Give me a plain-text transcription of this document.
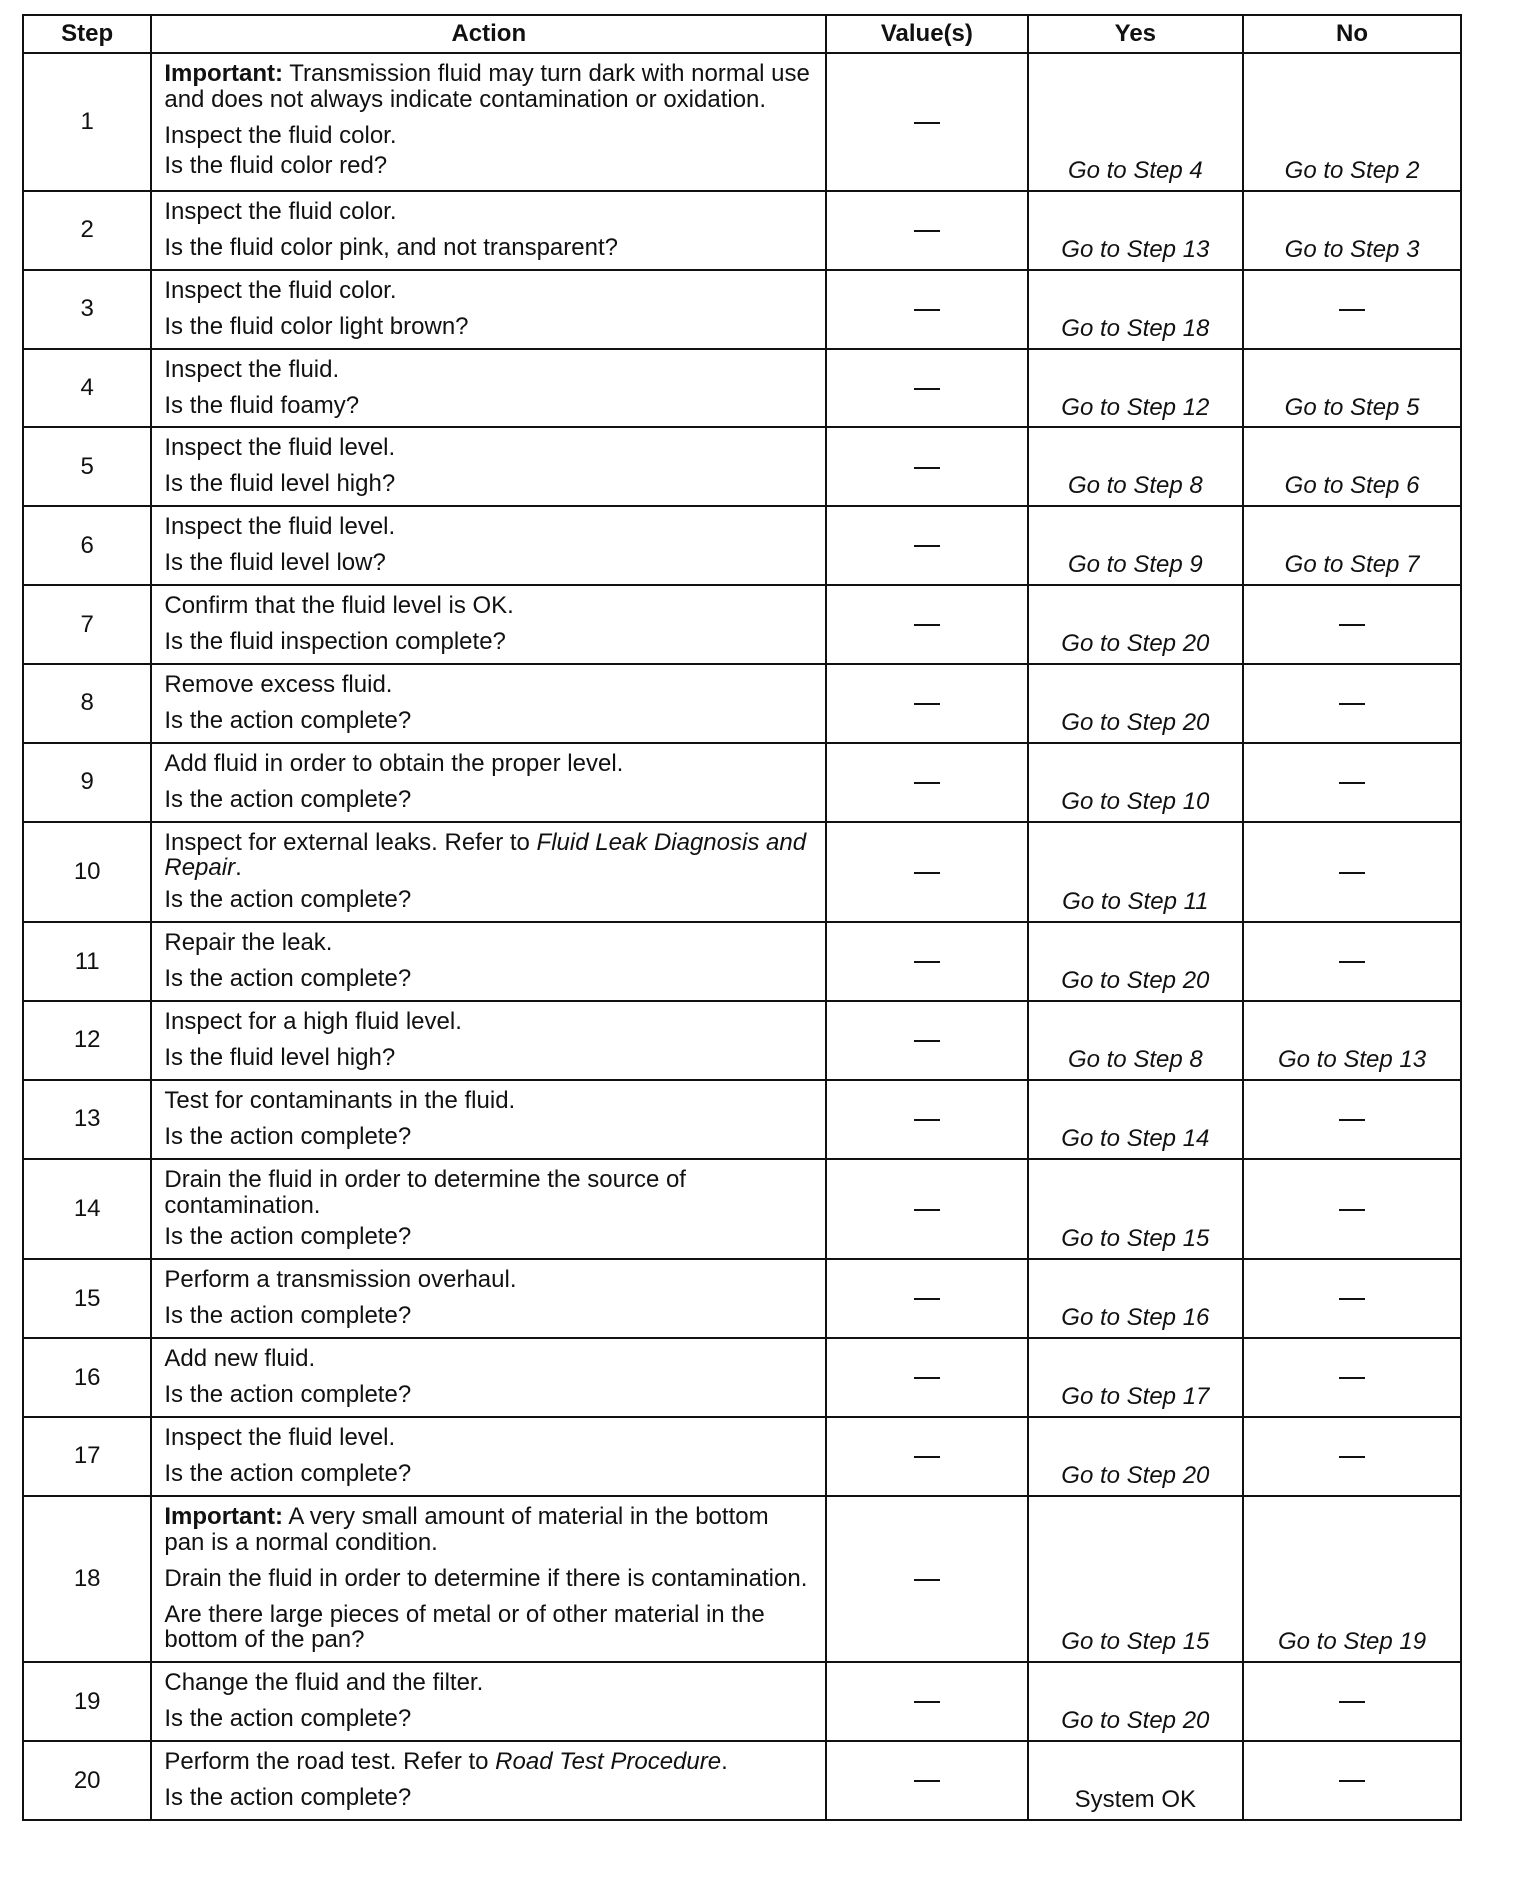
Step	Action	Value(s)	Yes	No
1	Important: Transmission fluid may turn dark with normal use and does not always indicate contamination or oxidation.

Inspect the fluid color.

Is the fluid color red?		Go to Step 4	Go to Step 2
2	Inspect the fluid color.

Is the fluid color pink, and not transparent?		Go to Step 13	Go to Step 3
3	Inspect the fluid color.

Is the fluid color light brown?		Go to Step 18	
4	Inspect the fluid.

Is the fluid foamy?		Go to Step 12	Go to Step 5
5	Inspect the fluid level.

Is the fluid level high?		Go to Step 8	Go to Step 6
6	Inspect the fluid level.

Is the fluid level low?		Go to Step 9	Go to Step 7
7	Confirm that the fluid level is OK.

Is the fluid inspection complete?		Go to Step 20	
8	Remove excess fluid.

Is the action complete?		Go to Step 20	
9	Add fluid in order to obtain the proper level.

Is the action complete?		Go to Step 10	
10	Inspect for external leaks. Refer to Fluid Leak Diagnosis and Repair.

Is the action complete?		Go to Step 11	
11	Repair the leak.

Is the action complete?		Go to Step 20	
12	Inspect for a high fluid level.

Is the fluid level high?		Go to Step 8	Go to Step 13
13	Test for contaminants in the fluid.

Is the action complete?		Go to Step 14	
14	Drain the fluid in order to determine the source of contamination.

Is the action complete?		Go to Step 15	
15	Perform a transmission overhaul.

Is the action complete?		Go to Step 16	
16	Add new fluid.

Is the action complete?		Go to Step 17	
17	Inspect the fluid level.

Is the action complete?		Go to Step 20	
18	Important: A very small amount of material in the bottom pan is a normal condition.

Drain the fluid in order to determine if there is contamination.

Are there large pieces of metal or of other material in the bottom of the pan?		Go to Step 15	Go to Step 19
19	Change the fluid and the filter.

Is the action complete?		Go to Step 20	
20	Perform the road test. Refer to Road Test Procedure.

Is the action complete?		System OK	
